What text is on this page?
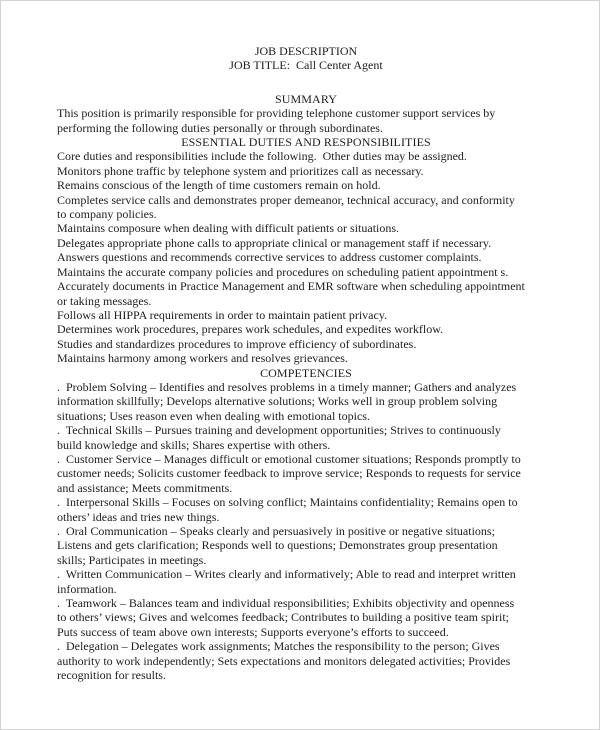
JOB DESCRIPTION
JOB TITLE:  Call Center Agent
SUMMARY
This position is primarily responsible for providing telephone customer support services by
performing the following duties personally or through subordinates.
ESSENTIAL DUTIES AND RESPONSIBILITIES
Core duties and responsibilities include the following.  Other duties may be assigned.
Monitors phone traffic by telephone system and prioritizes call as necessary.
Remains conscious of the length of time customers remain on hold.
Completes service calls and demonstrates proper demeanor, technical accuracy, and conformity
to company policies.
Maintains composure when dealing with difficult patients or situations.
Delegates appropriate phone calls to appropriate clinical or management staff if necessary.
Answers questions and recommends corrective services to address customer complaints.
Maintains the accurate company policies and procedures on scheduling patient appointment s.
Accurately documents in Practice Management and EMR software when scheduling appointment
or taking messages.
Follows all HIPPA requirements in order to maintain patient privacy.
Determines work procedures, prepares work schedules, and expedites workflow.
Studies and standardizes procedures to improve efficiency of subordinates.
Maintains harmony among workers and resolves grievances.
COMPETENCIES
.  Problem Solving – Identifies and resolves problems in a timely manner; Gathers and analyzes
information skillfully; Develops alternative solutions; Works well in group problem solving
situations; Uses reason even when dealing with emotional topics.
.  Technical Skills – Pursues training and development opportunities; Strives to continuously
build knowledge and skills; Shares expertise with others.
.  Customer Service – Manages difficult or emotional customer situations; Responds promptly to
customer needs; Solicits customer feedback to improve service; Responds to requests for service
and assistance; Meets commitments.
.  Interpersonal Skills – Focuses on solving conflict; Maintains confidentiality; Remains open to
others’ ideas and tries new things.
.  Oral Communication – Speaks clearly and persuasively in positive or negative situations;
Listens and gets clarification; Responds well to questions; Demonstrates group presentation
skills; Participates in meetings.
.  Written Communication – Writes clearly and informatively; Able to read and interpret written
information.
.  Teamwork – Balances team and individual responsibilities; Exhibits objectivity and openness
to others’ views; Gives and welcomes feedback; Contributes to building a positive team spirit;
Puts success of team above own interests; Supports everyone’s efforts to succeed.
.  Delegation – Delegates work assignments; Matches the responsibility to the person; Gives
authority to work independently; Sets expectations and monitors delegated activities; Provides
recognition for results.
